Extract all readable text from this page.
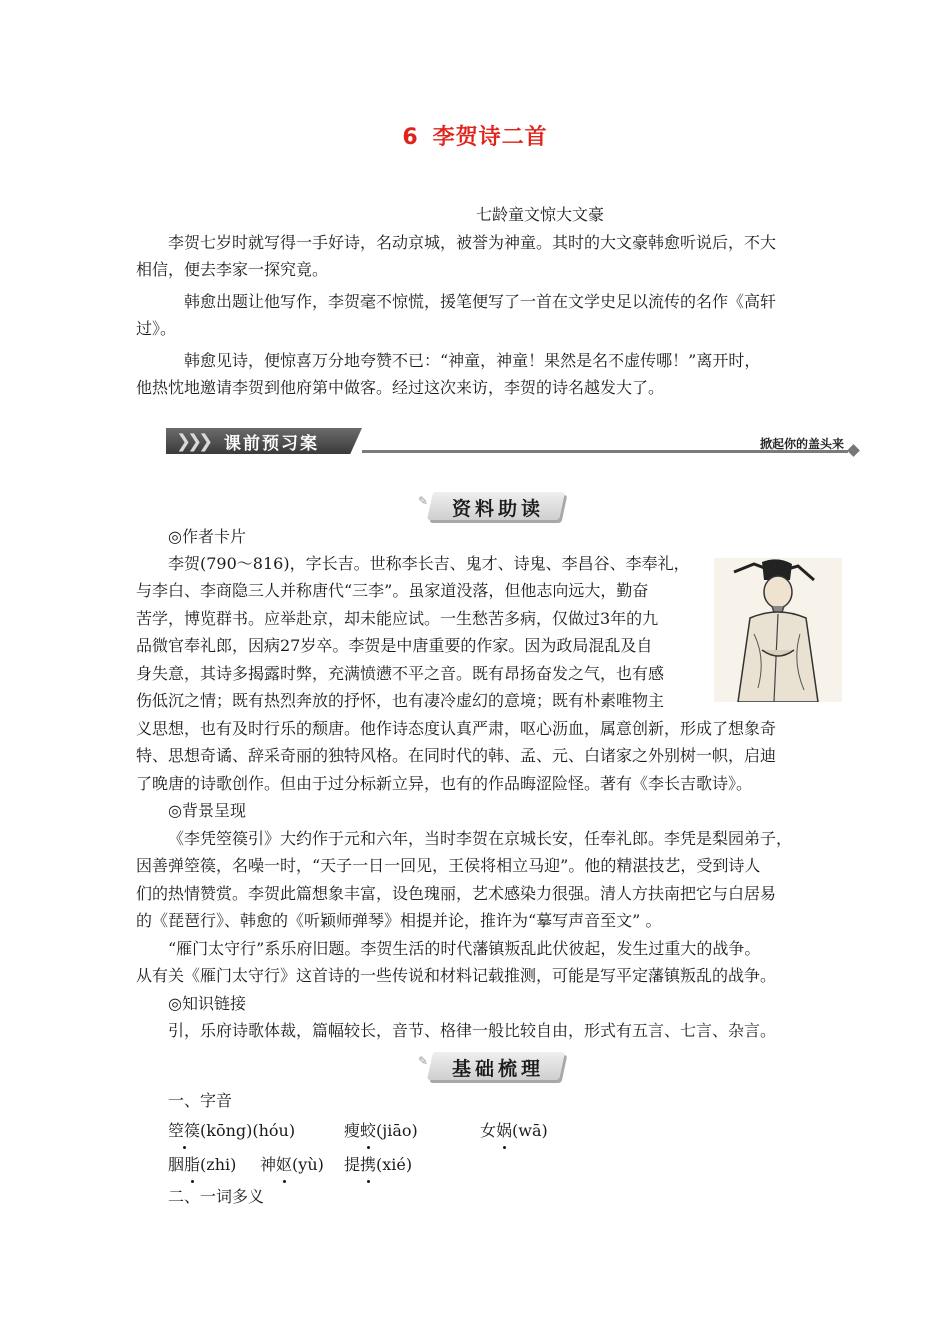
6 李贺诗二首
七龄童文惊大文豪
李贺七岁时就写得一手好诗，名动京城，被誉为神童。其时的大文豪韩愈听说后，不大
相信，便去李家一探究竟。
韩愈出题让他写作，李贺毫不惊慌，援笔便写了一首在文学史足以流传的名作《高轩
过》。
韩愈见诗，便惊喜万分地夸赞不已：“神童，神童！果然是名不虚传哪！”离开时，
他热忱地邀请李贺到他府第中做客。经过这次来访，李贺的诗名越发大了。
❯❯❯ 课前预习案	掀起你的盖头来
✎ 资料助读
◎作者卡片
李贺(790～816)，字长吉。世称李长吉、鬼才、诗鬼、李昌谷、李奉礼，
与李白、李商隐三人并称唐代“三李”。虽家道没落，但他志向远大，勤奋
苦学，博览群书。应举赴京，却未能应试。一生愁苦多病，仅做过3年的九
品微官奉礼郎，因病27岁卒。李贺是中唐重要的作家。因为政局混乱及自
身失意，其诗多揭露时弊，充满愤懑不平之音。既有昂扬奋发之气，也有感
伤低沉之情；既有热烈奔放的抒怀，也有凄冷虚幻的意境；既有朴素唯物主
义思想，也有及时行乐的颓唐。他作诗态度认真严肃，呕心沥血，属意创新，形成了想象奇
特、思想奇谲、辞采奇丽的独特风格。在同时代的韩、孟、元、白诸家之外别树一帜，启迪
了晚唐的诗歌创作。但由于过分标新立异，也有的作品晦涩险怪。著有《李长吉歌诗》。
◎背景呈现
《李凭箜篌引》大约作于元和六年，当时李贺在京城长安，任奉礼郎。李凭是梨园弟子，
因善弹箜篌，名噪一时，“天子一日一回见，王侯将相立马迎”。他的精湛技艺，受到诗人
们的热情赞赏。李贺此篇想象丰富，设色瑰丽，艺术感染力很强。清人方扶南把它与白居易
的《琵琶行》、韩愈的《听颖师弹琴》相提并论，推许为“摹写声音至文” 。
“雁门太守行”系乐府旧题。李贺生活的时代藩镇叛乱此伏彼起，发生过重大的战争。
从有关《雁门太守行》这首诗的一些传说和材料记载推测，可能是写平定藩镇叛乱的战争。
◎知识链接
引，乐府诗歌体裁，篇幅较长，音节、格律一般比较自由，形式有五言、七言、杂言。
✎ 基础梳理
一、字音
箜篌(kōng)(hóu)	瘦蛟(jiāo)	女娲(wā)
胭脂(zhi) 神妪(yù) 提携(xié)
二、一词多义
